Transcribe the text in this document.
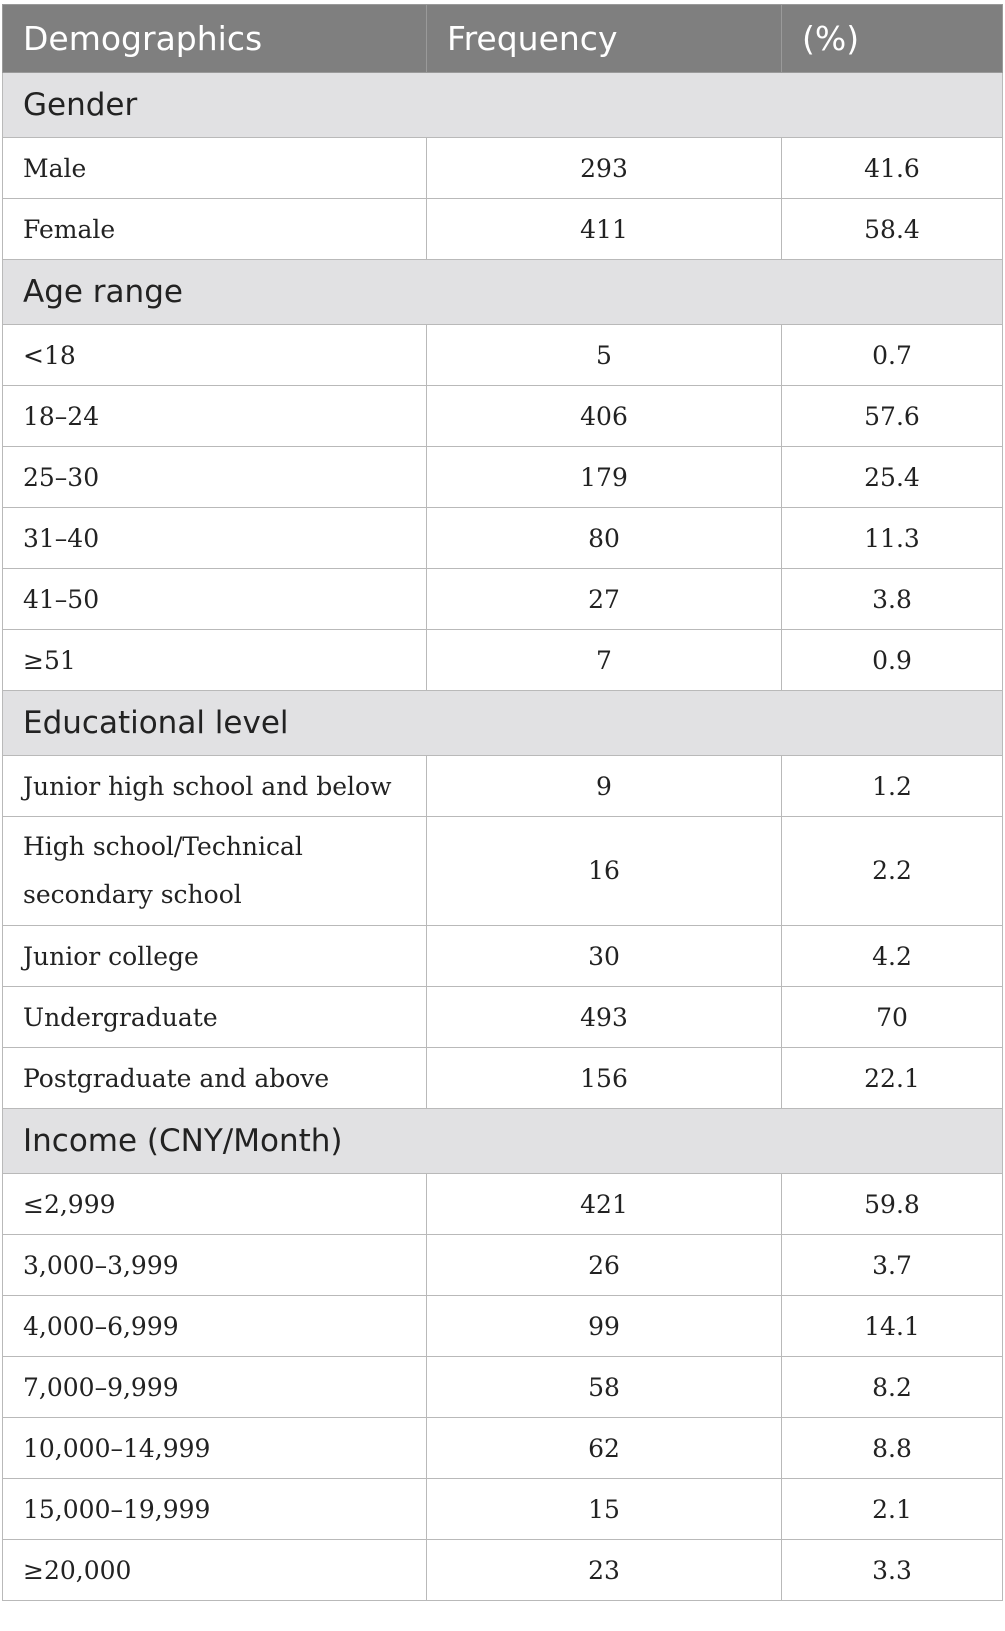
Demographics	Frequency	(%)
Gender		
Male	293	41.6
Female	411	58.4
Age range		
<18	5	0.7
18–24	406	57.6
25–30	179	25.4
31–40	80	11.3
41–50	27	3.8
≥51	7	0.9
Educational level		
Junior high school and below	9	1.2
High school/Technical secondary school	16	2.2
Junior college	30	4.2
Undergraduate	493	70
Postgraduate and above	156	22.1
Income (CNY/Month)		
≤2,999	421	59.8
3,000–3,999	26	3.7
4,000–6,999	99	14.1
7,000–9,999	58	8.2
10,000–14,999	62	8.8
15,000–19,999	15	2.1
≥20,000	23	3.3
